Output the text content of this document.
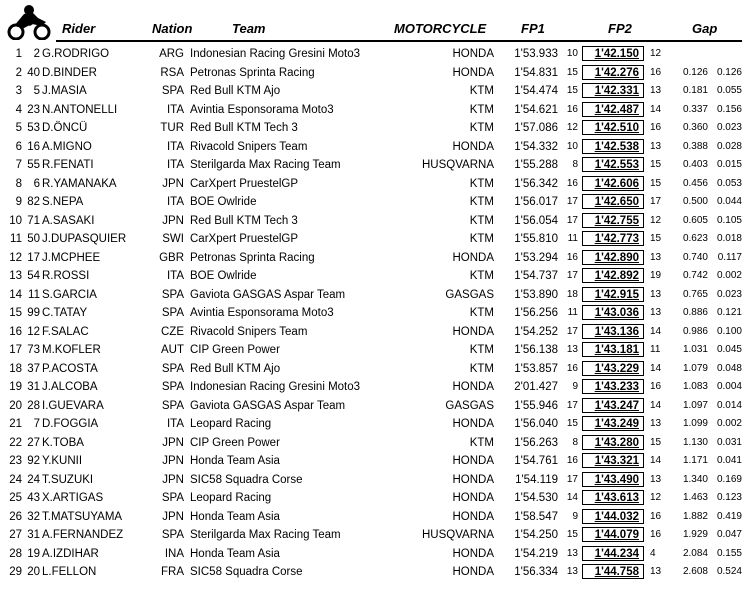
Rider	Nation	Team	MOTORCYCLE	FP1	FP2	Gap
1	2 G.RODRIGO	ARG Indonesian Racing Gresini Moto3	HONDA	1'53.933 10	1'42.150	12
2 40 D.BINDER	RSA Petronas Sprinta Racing	HONDA	1'54.831 15	1'42.276	16	0.126 0.126
3	5 J.MASIA	SPA Red Bull KTM Ajo	KTM	1'54.474 15	1'42.331	13	0.181 0.055
4 23 N.ANTONELLI	ITA Avintia Esponsorama Moto3	KTM	1'54.621 16	1'42.487	14	0.337 0.156
5 53 D.ÖNCÜ	TUR Red Bull KTM Tech 3	KTM	1'57.086 12	1'42.510	16	0.360 0.023
6 16 A.MIGNO	ITA Rivacold Snipers Team	HONDA	1'54.332 10	1'42.538	13	0.388 0.028
7 55 R.FENATI	ITA Sterilgarda Max Racing Team	HUSQVARNA	1'55.288	8	1'42.553	15	0.403 0.015
8	6 R.YAMANAKA	JPN CarXpert PruestelGP	KTM	1'56.342 16	1'42.606	15	0.456 0.053
9 82 S.NEPA	ITA BOE Owlride	KTM	1'56.017 17	1'42.650	17	0.500 0.044
10 71 A.SASAKI	JPN Red Bull KTM Tech 3	KTM	1'56.054 17	1'42.755	12	0.605 0.105
11 50 J.DUPASQUIER	SWI CarXpert PruestelGP	KTM	1'55.810 11	1'42.773	15	0.623 0.018
12 17 J.MCPHEE	GBR Petronas Sprinta Racing	HONDA	1'53.294 16	1'42.890	13	0.740 0.117
13 54 R.ROSSI	ITA BOE Owlride	KTM	1'54.737 17	1'42.892	19	0.742 0.002
14 11 S.GARCIA	SPA Gaviota GASGAS Aspar Team	GASGAS	1'53.890 18	1'42.915	13	0.765 0.023
15 99 C.TATAY	SPA Avintia Esponsorama Moto3	KTM	1'56.256 11	1'43.036	13	0.886 0.121
16 12 F.SALAC	CZE Rivacold Snipers Team	HONDA	1'54.252 17	1'43.136	14	0.986 0.100
17 73 M.KOFLER	AUT CIP Green Power	KTM	1'56.138 13	1'43.181	11	1.031 0.045
18 37 P.ACOSTA	SPA Red Bull KTM Ajo	KTM	1'53.857 16	1'43.229	14	1.079 0.048
19 31 J.ALCOBA	SPA Indonesian Racing Gresini Moto3	HONDA	2'01.427	9	1'43.233	16	1.083 0.004
20 28 I.GUEVARA	SPA Gaviota GASGAS Aspar Team	GASGAS	1'55.946 17	1'43.247	14	1.097 0.014
21	7 D.FOGGIA	ITA Leopard Racing	HONDA	1'56.040 15	1'43.249	13	1.099 0.002
22 27 K.TOBA	JPN CIP Green Power	KTM	1'56.263	8	1'43.280	15	1.130 0.031
23 92 Y.KUNII	JPN Honda Team Asia	HONDA	1'54.761 16	1'43.321	14	1.171 0.041
24 24 T.SUZUKI	JPN SIC58 Squadra Corse	HONDA	1'54.119 17	1'43.490	13	1.340 0.169
25 43 X.ARTIGAS	SPA Leopard Racing	HONDA	1'54.530 14	1'43.613	12	1.463 0.123
26 32 T.MATSUYAMA	JPN Honda Team Asia	HONDA	1'58.547	9	1'44.032	16	1.882 0.419
27 31 A.FERNANDEZ	SPA Sterilgarda Max Racing Team	HUSQVARNA	1'54.250 15	1'44.079	16	1.929 0.047
28 19 A.IZDIHAR	INA Honda Team Asia	HONDA	1'54.219 13	1'44.234	4	2.084 0.155
29 20 L.FELLON	FRA SIC58 Squadra Corse	HONDA	1'56.334 13	1'44.758	13	2.608 0.524
